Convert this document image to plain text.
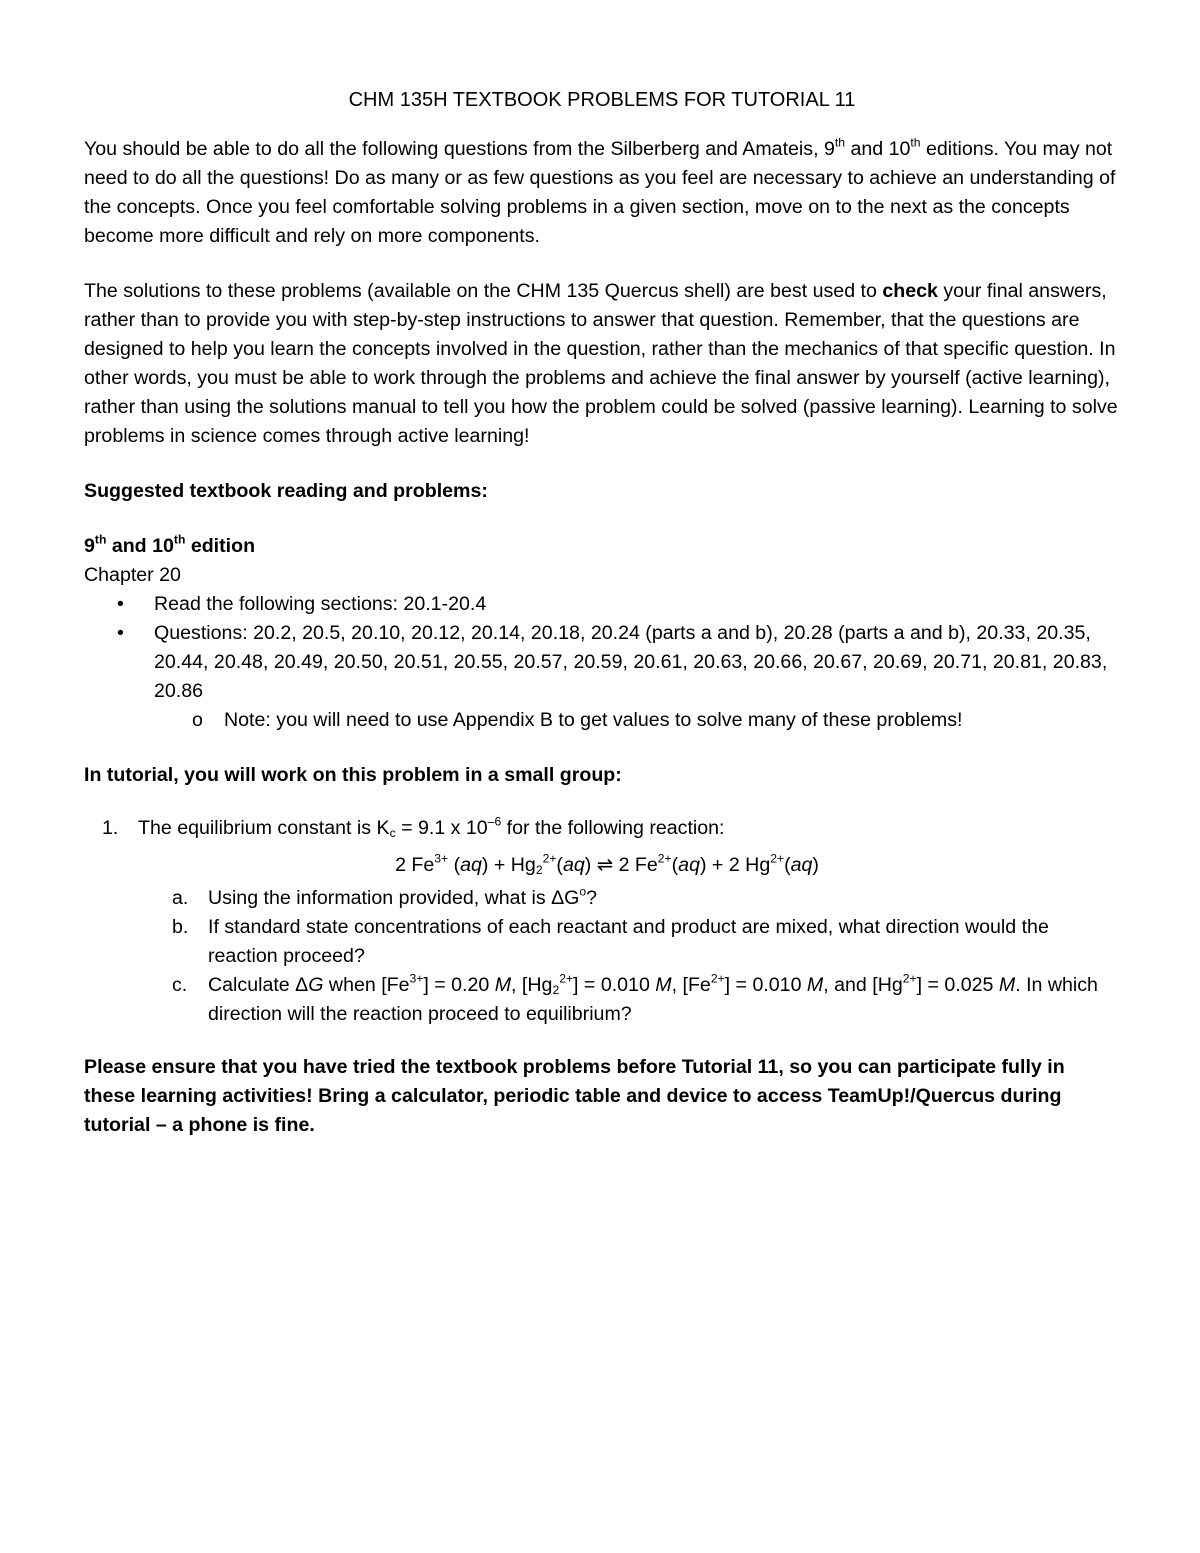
CHM 135H TEXTBOOK PROBLEMS FOR TUTORIAL 11

You should be able to do all the following questions from the Silberberg and Amateis, 9th and 10th editions. You may not need to do all the questions! Do as many or as few questions as you feel are necessary to achieve an understanding of the concepts. Once you feel comfortable solving problems in a given section, move on to the next as the concepts become more difficult and rely on more components.

The solutions to these problems (available on the CHM 135 Quercus shell) are best used to check your final answers, rather than to provide you with step-by-step instructions to answer that question. Remember, that the questions are designed to help you learn the concepts involved in the question, rather than the mechanics of that specific question. In other words, you must be able to work through the problems and achieve the final answer by yourself (active learning), rather than using the solutions manual to tell you how the problem could be solved (passive learning). Learning to solve problems in science comes through active learning!

Suggested textbook reading and problems:

9th and 10th edition

Chapter 20

• Read the following sections: 20.1-20.4
• Questions: 20.2, 20.5, 20.10, 20.12, 20.14, 20.18, 20.24 (parts a and b), 20.28 (parts a and b), 20.33, 20.35, 20.44, 20.48, 20.49, 20.50, 20.51, 20.55, 20.57, 20.59, 20.61, 20.63, 20.66, 20.67, 20.69, 20.71, 20.81, 20.83, 20.86
o Note: you will need to use Appendix B to get values to solve many of these problems!

In tutorial, you will work on this problem in a small group:

1. The equilibrium constant is $K_c = 9.1$ x $10^{-6}$ for the following reaction:
2 $Fe^{3+}$ $(aq) + Hg_2^{2+}(aq)$ ⇌ 2 $Fe^{2+}(aq) + 2$ $Hg^{2+}(aq)$
a. Using the information provided, what is $\Delta G^o$?
b. If standard state concentrations of each reactant and product are mixed, what direction would the reaction proceed?
c. Calculate ΔG when $[Fe^{3+}] = 0.20$ M, $[Hg_2^{2+}] = 0.010$ M, $[Fe^{2+}] = 0.010$ M, and $[Hg^{2+}] = 0.025$ M. In which direction will the reaction proceed to equilibrium?

Please ensure that you have tried the textbook problems before Tutorial 11, so you can participate fully in these learning activities! Bring a calculator, periodic table and device to access TeamUp!/Quercus during tutorial – a phone is fine.
